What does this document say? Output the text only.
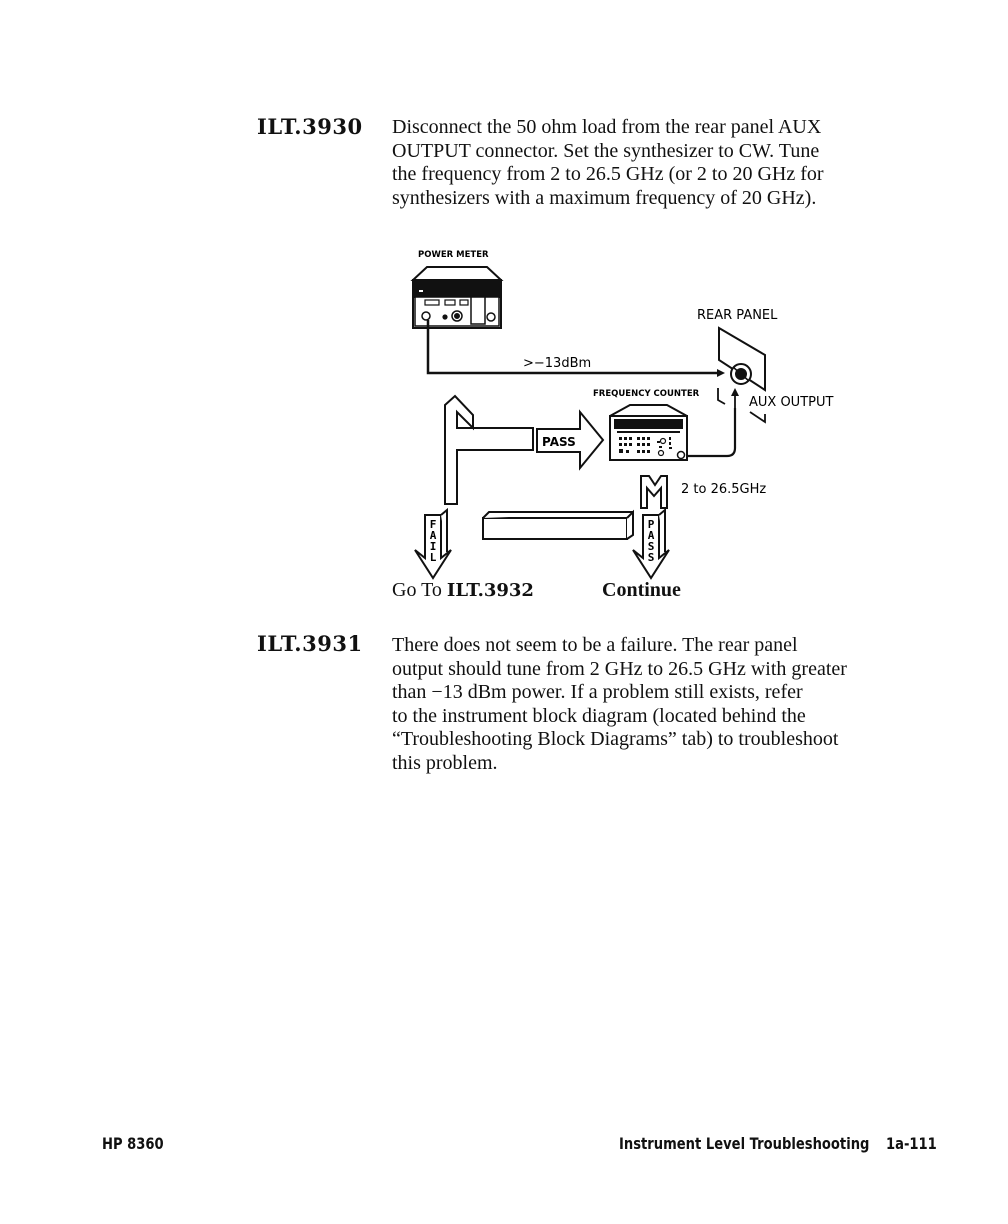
ILT.3930 Disconnect the 50 ohm load from the rear panel AUX
OUTPUT connector. Set the synthesizer to CW. Tune
the frequency from 2 to 26.5 GHz (or 2 to 20 GHz for
synthesizers with a maximum frequency of 20 GHz).

POWER METER
>−13dBm
REAR PANEL
FREQUENCY COUNTER
AUX OUTPUT
PASS
2 to 26.5GHz
F
A
I
L
P
A
S
S
Go To ILT.3932	Continue
ILT.3931 There does not seem to be a failure. The rear panel
output should tune from 2 GHz to 26.5 GHz with greater
than −13 dBm power. If a problem still exists, refer
to the instrument block diagram (located behind the
“Troubleshooting Block Diagrams” tab) to troubleshoot
this problem.

HP 8360	Instrument Level Troubleshooting 1a-111
